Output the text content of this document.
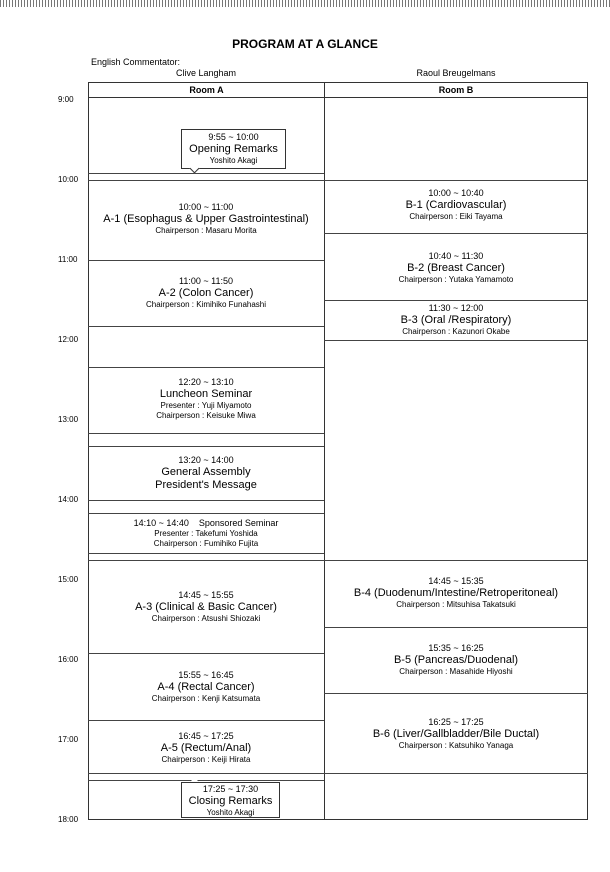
PROGRAM AT A GLANCE
English Commentator:
Clive Langham	Raoul Breugelmans
Room A	Room B
9:00
10:00
11:00
12:00
13:00
14:00
15:00
16:00
17:00
18:00
9:55 ~ 10:00
Opening Remarks
Yoshito Akagi
10:00 ~ 11:00
A-1 (Esophagus & Upper Gastrointestinal)
Chairperson : Masaru Morita
11:00 ~ 11:50
A-2 (Colon Cancer)
Chairperson : Kimihiko Funahashi
12:20 ~ 13:10
Luncheon Seminar
Presenter : Yuji Miyamoto
Chairperson : Keisuke Miwa
13:20 ~ 14:00
General Assembly
President's Message
14:10 ~ 14:40    Sponsored Seminar
Presenter : Takefumi Yoshida
Chairperson : Fumihiko Fujita
14:45 ~ 15:55
A-3 (Clinical & Basic Cancer)
Chairperson : Atsushi Shiozaki
15:55 ~ 16:45
A-4 (Rectal Cancer)
Chairperson : Kenji Katsumata
16:45 ~ 17:25
A-5 (Rectum/Anal)
Chairperson : Keiji Hirata
17:25 ~ 17:30
Closing Remarks
Yoshito Akagi
10:00 ~ 10:40
B-1 (Cardiovascular)
Chairperson : Eiki Tayama
10:40 ~ 11:30
B-2 (Breast Cancer)
Chairperson : Yutaka Yamamoto
11:30 ~ 12:00
B-3 (Oral /Respiratory)
Chairperson : Kazunori Okabe
14:45 ~ 15:35
B-4 (Duodenum/Intestine/Retroperitoneal)
Chairperson : Mitsuhisa Takatsuki
15:35 ~ 16:25
B-5 (Pancreas/Duodenal)
Chairperson : Masahide Hiyoshi
16:25 ~ 17:25
B-6 (Liver/Gallbladder/Bile Ductal)
Chairperson : Katsuhiko Yanaga
